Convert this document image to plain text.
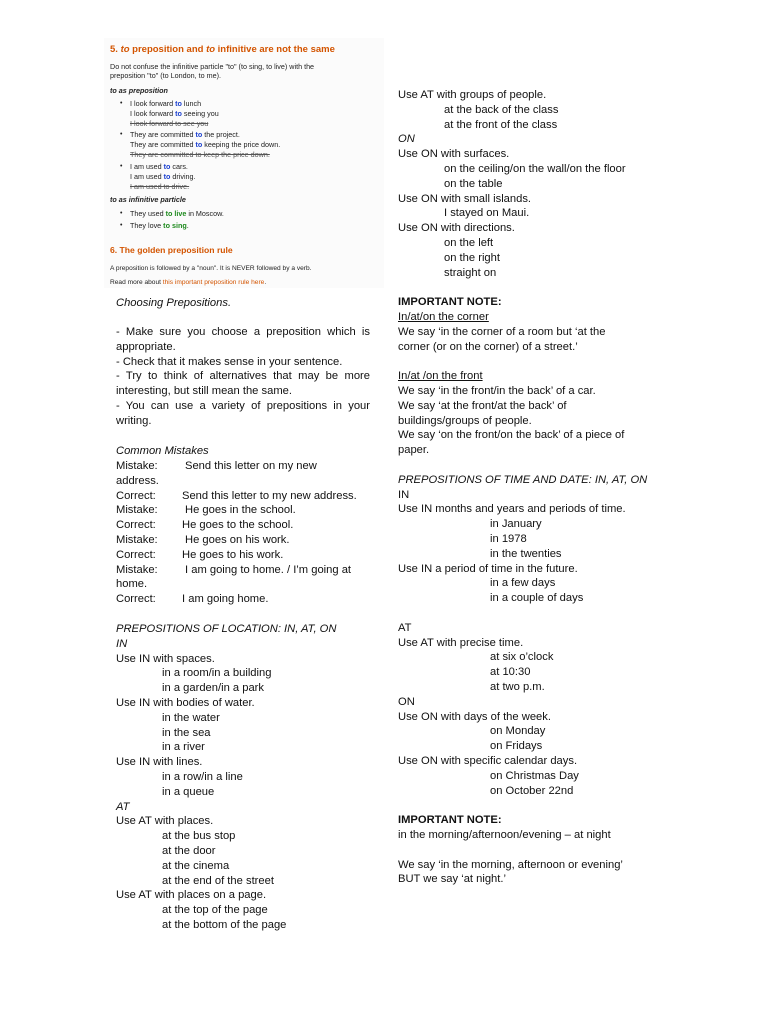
5. to preposition and to infinitive are not the same
Do not confuse the infinitive particle "to" (to sing, to live) with the
preposition "to" (to London, to me).
to as preposition
• I look forward to lunch
I look forward to seeing you
I look forward to see you
• They are committed to the project.
They are committed to keeping the price down.
They are committed to keep the price down.
• I am used to cars.
I am used to driving.
I am used to drive.
to as infinitive particle
• They used to live in Moscow.
• They love to sing.
6. The golden preposition rule
A preposition is followed by a "noun". It is NEVER followed by a verb.
Read more about this important preposition rule here.
Choosing Prepositions.
- Make sure you choose a preposition which is
appropriate.
- Check that it makes sense in your sentence.
- Try to think of alternatives that may be more
interesting, but still mean the same.
- You can use a variety of prepositions in your
writing.
Common Mistakes
Mistake: Send this letter on my new
address.
Correct: Send this letter to my new address.
Mistake: He goes in the school.
Correct: He goes to the school.
Mistake: He goes on his work.
Correct: He goes to his work.
Mistake: I am going to home. / I’m going at
home.
Correct: I am going home.
PREPOSITIONS OF LOCATION: IN, AT, ON
IN
Use IN with spaces.
in a room/in a building
in a garden/in a park
Use IN with bodies of water.
in the water
in the sea
in a river
Use IN with lines.
in a row/in a line
in a queue
AT
Use AT with places.
at the bus stop
at the door
at the cinema
at the end of the street
Use AT with places on a page.
at the top of the page
at the bottom of the page
Use AT with groups of people.
at the back of the class
at the front of the class
ON
Use ON with surfaces.
on the ceiling/on the wall/on the floor
on the table
Use ON with small islands.
I stayed on Maui.
Use ON with directions.
on the left
on the right
straight on
IMPORTANT NOTE:
In/at/on the corner
We say ‘in the corner of a room but ‘at the
corner (or on the corner) of a street.’
In/at /on the front
We say ‘in the front/in the back’ of a car.
We say ‘at the front/at the back’ of
buildings/groups of people.
We say ‘on the front/on the back’ of a piece of
paper.
PREPOSITIONS OF TIME AND DATE: IN, AT, ON
IN
Use IN months and years and periods of time.
in January
in 1978
in the twenties
Use IN a period of time in the future.
in a few days
in a couple of days
AT
Use AT with precise time.
at six o’clock
at 10:30
at two p.m.
ON
Use ON with days of the week.
on Monday
on Fridays
Use ON with specific calendar days.
on Christmas Day
on October 22nd
IMPORTANT NOTE:
in the morning/afternoon/evening – at night
We say ‘in the morning, afternoon or evening’
BUT we say ‘at night.’
